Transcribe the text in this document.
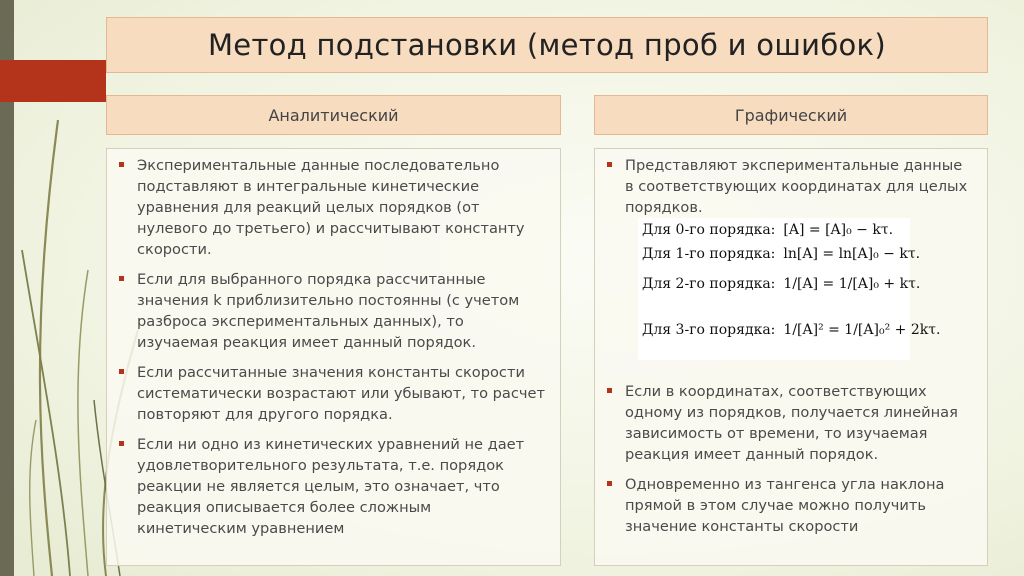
Метод подстановки (метод проб и ошибок)
Аналитический	Графический
Экспериментальные данные последовательно подставляют в интегральные кинетические уравнения для реакций целых порядков (от нулевого до третьего) и рассчитывают константу скорости.
Если для выбранного порядка рассчитанные значения k приблизительно постоянны (с учетом разброса экспериментальных данных), то изучаемая реакция имеет данный порядок.
Если рассчитанные значения константы скорости систематически возрастают или убывают, то расчет повторяют для другого порядка.
Если ни одно из кинетических уравнений не дает удовлетворительного результата, т.е. порядок реакции не является целым, это означает, что реакция описывается более сложным кинетическим уравнением
Представляют экспериментальные данные в соответствующих координатах для целых порядков.
Если в координатах, соответствующих одному из порядков, получается линейная зависимость от времени, то изучаемая реакция имеет данный порядок.
Одновременно из тангенса угла наклона прямой в этом случае можно получить значение константы скорости
Для 0-го порядка: [A] = [A]₀ − kτ.
Для 1-го порядка: ln[A] = ln[A]₀ − kτ.
Для 2-го порядка: 1/[A] = 1/[A]₀ + kτ.
Для 3-го порядка: 1/[A]² = 1/[A]₀² + 2kτ.
